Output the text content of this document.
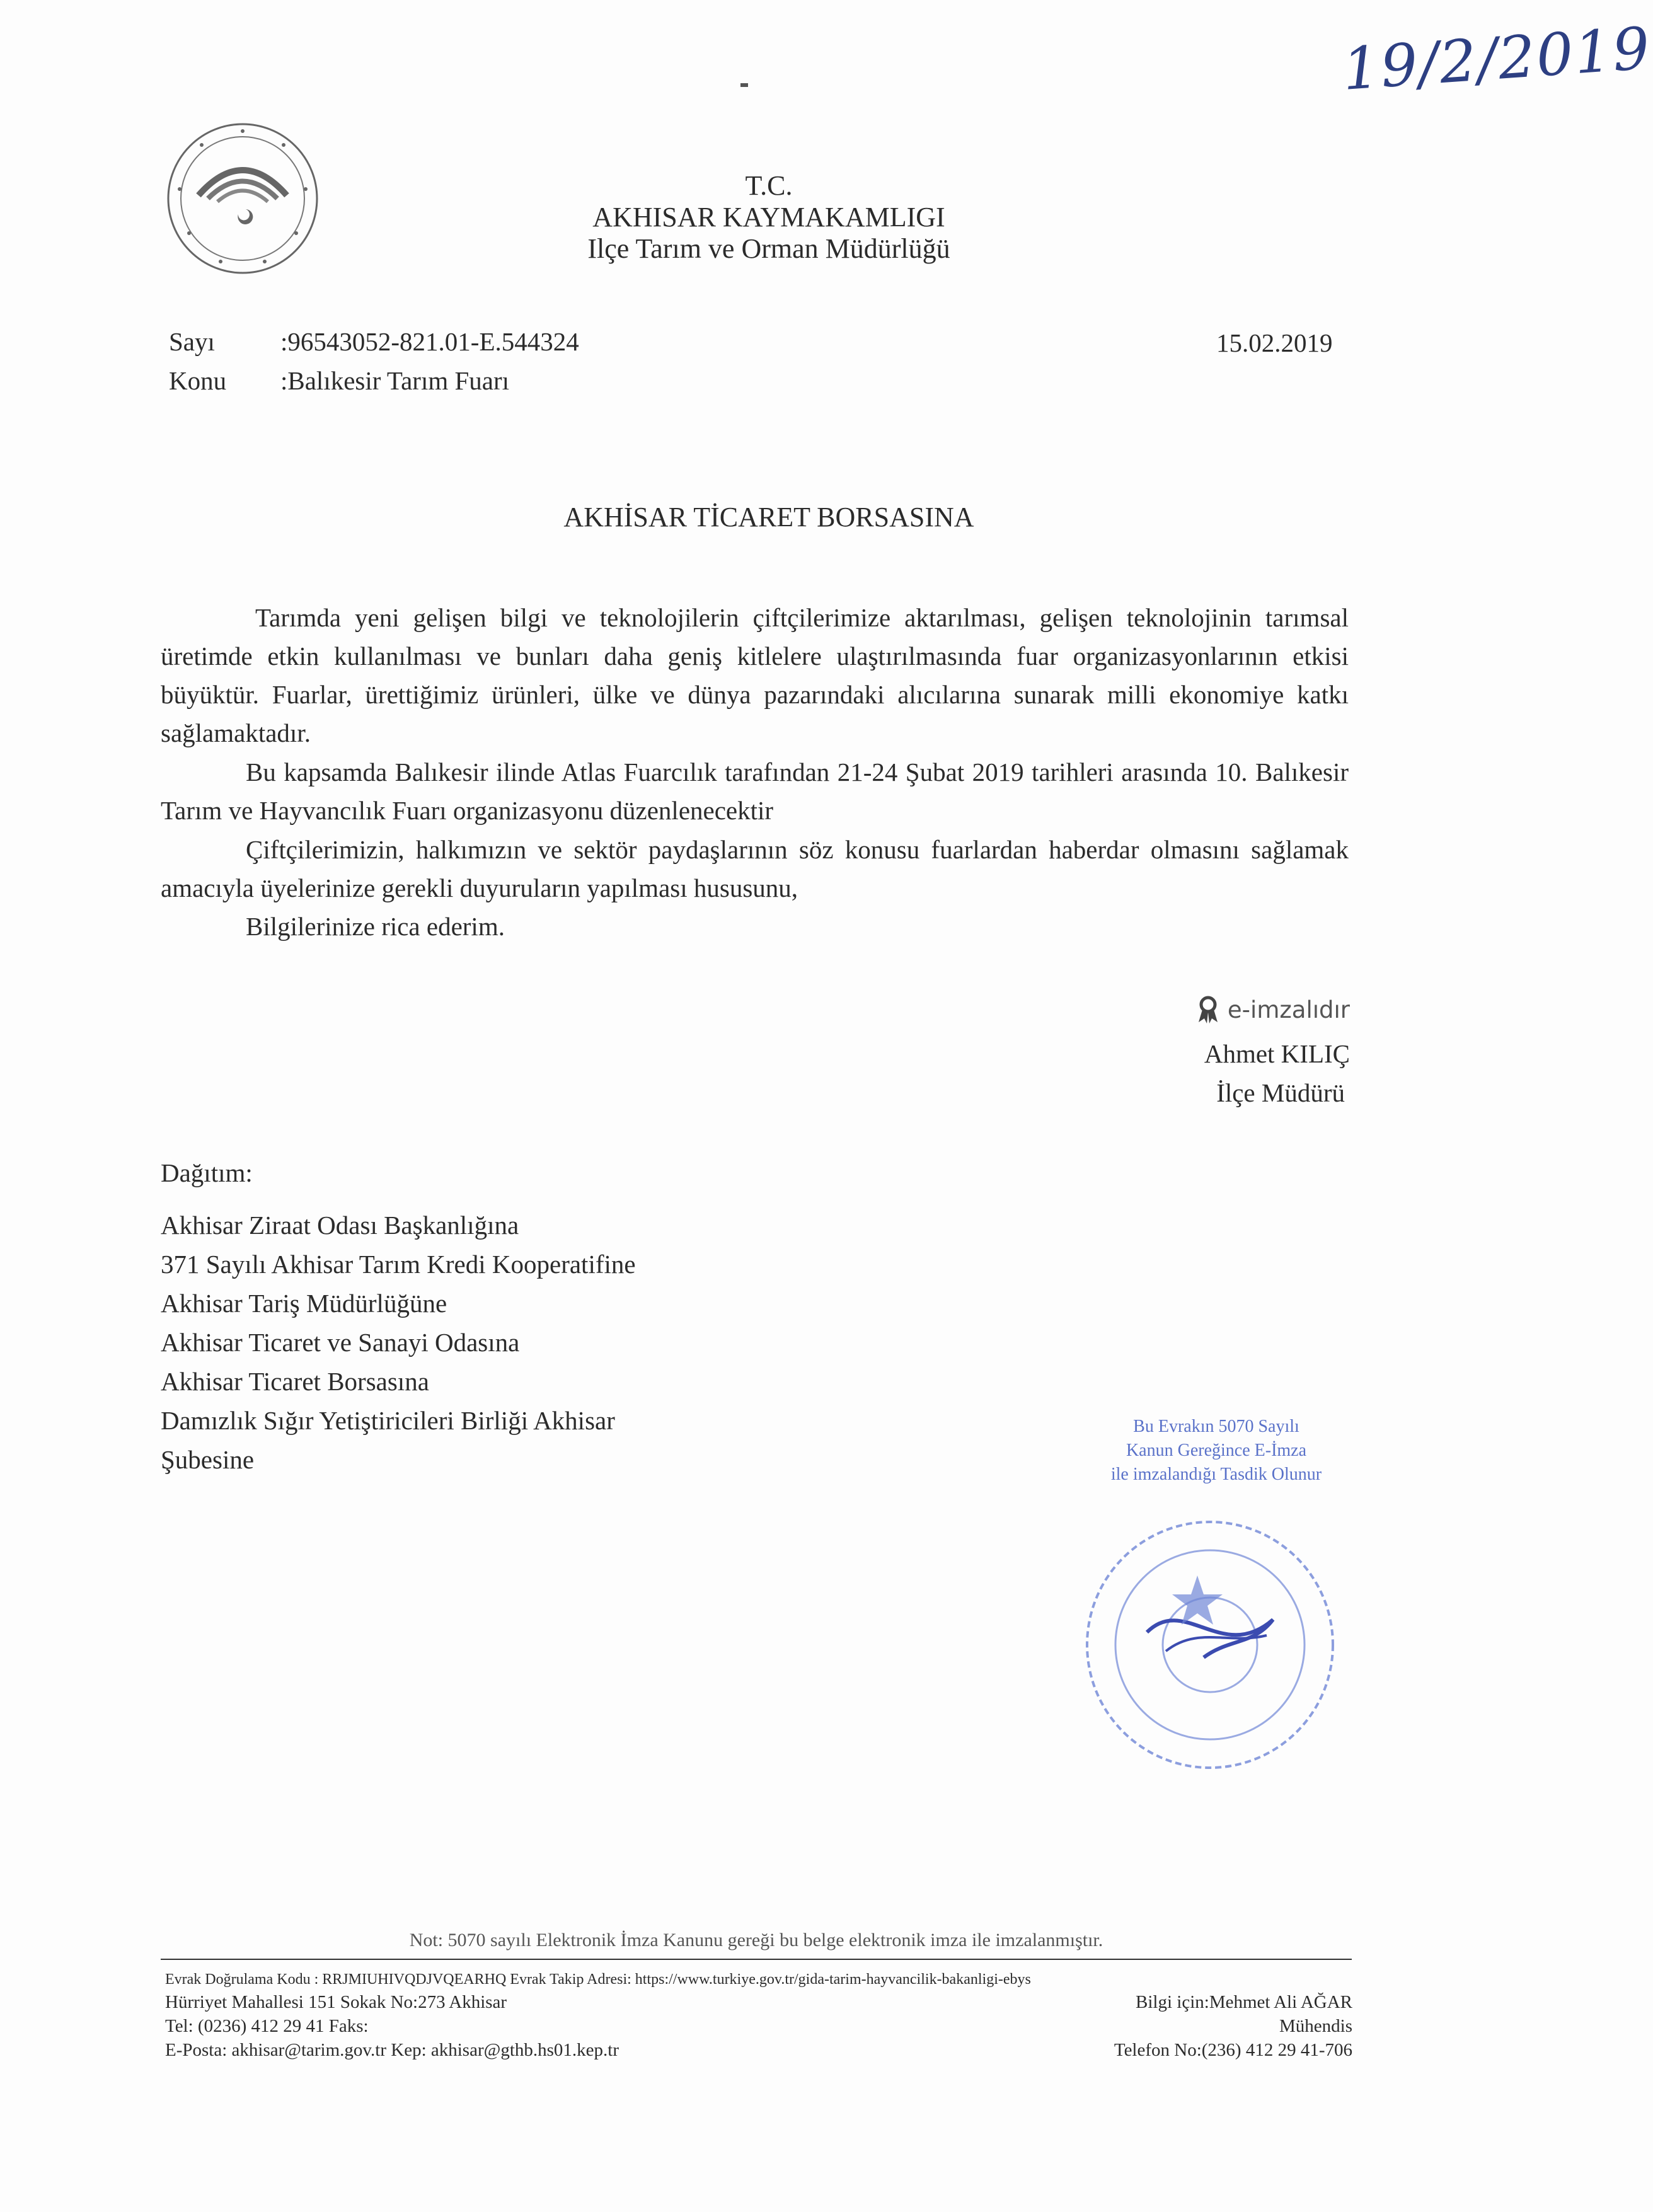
19/2/2019
T.C.
AKHISAR KAYMAKAMLIGI
Ilçe Tarım ve Orman Müdürlüğü
Sayı	:96543052-821.01-E.544324
Konu :Balıkesir Tarım Fuarı
15.02.2019
AKHİSAR TİCARET BORSASINA
Tarımda yeni gelişen bilgi ve teknolojilerin çiftçilerimize aktarılması, gelişen teknolojinin tarımsal üretimde etkin kullanılması ve bunları daha geniş kitlelere ulaştırılmasında fuar organizasyonlarının etkisi büyüktür. Fuarlar, ürettiğimiz ürünleri, ülke ve dünya pazarındaki alıcılarına sunarak milli ekonomiye katkı sağlamaktadır.
Bu kapsamda Balıkesir ilinde Atlas Fuarcılık tarafından 21-24 Şubat 2019 tarihleri arasında 10. Balıkesir Tarım ve Hayvancılık Fuarı organizasyonu düzenlenecektir
Çiftçilerimizin, halkımızın ve sektör paydaşlarının söz konusu fuarlardan haberdar olmasını sağlamak amacıyla üyelerinize gerekli duyuruların yapılması hususunu,
Bilgilerinize rica ederim.
e-imzalıdır
Ahmet KILIÇ
İlçe Müdürü
Dağıtım:
Akhisar Ziraat Odası Başkanlığına
371 Sayılı Akhisar Tarım Kredi Kooperatifine
Akhisar Tariş Müdürlüğüne
Akhisar Ticaret ve Sanayi Odasına
Akhisar Ticaret Borsasına
Damızlık Sığır Yetiştiricileri Birliği Akhisar
Şubesine
Bu Evrakın 5070 Sayılı
Kanun Gereğince E-İmza
ile imzalandığı Tasdik Olunur
Not: 5070 sayılı Elektronik İmza Kanunu gereği bu belge elektronik imza ile imzalanmıştır.
Evrak Doğrulama Kodu : RRJMIUHIVQDJVQEARHQ Evrak Takip Adresi: https://www.turkiye.gov.tr/gida-tarim-hayvancilik-bakanligi-ebys
Hürriyet Mahallesi 151 Sokak No:273 Akhisar
Tel: (0236) 412 29 41 Faks:
E-Posta: akhisar@tarim.gov.tr Kep: akhisar@gthb.hs01.kep.tr
Bilgi için:Mehmet Ali AĞAR
Mühendis
Telefon No:(236) 412 29 41-706
